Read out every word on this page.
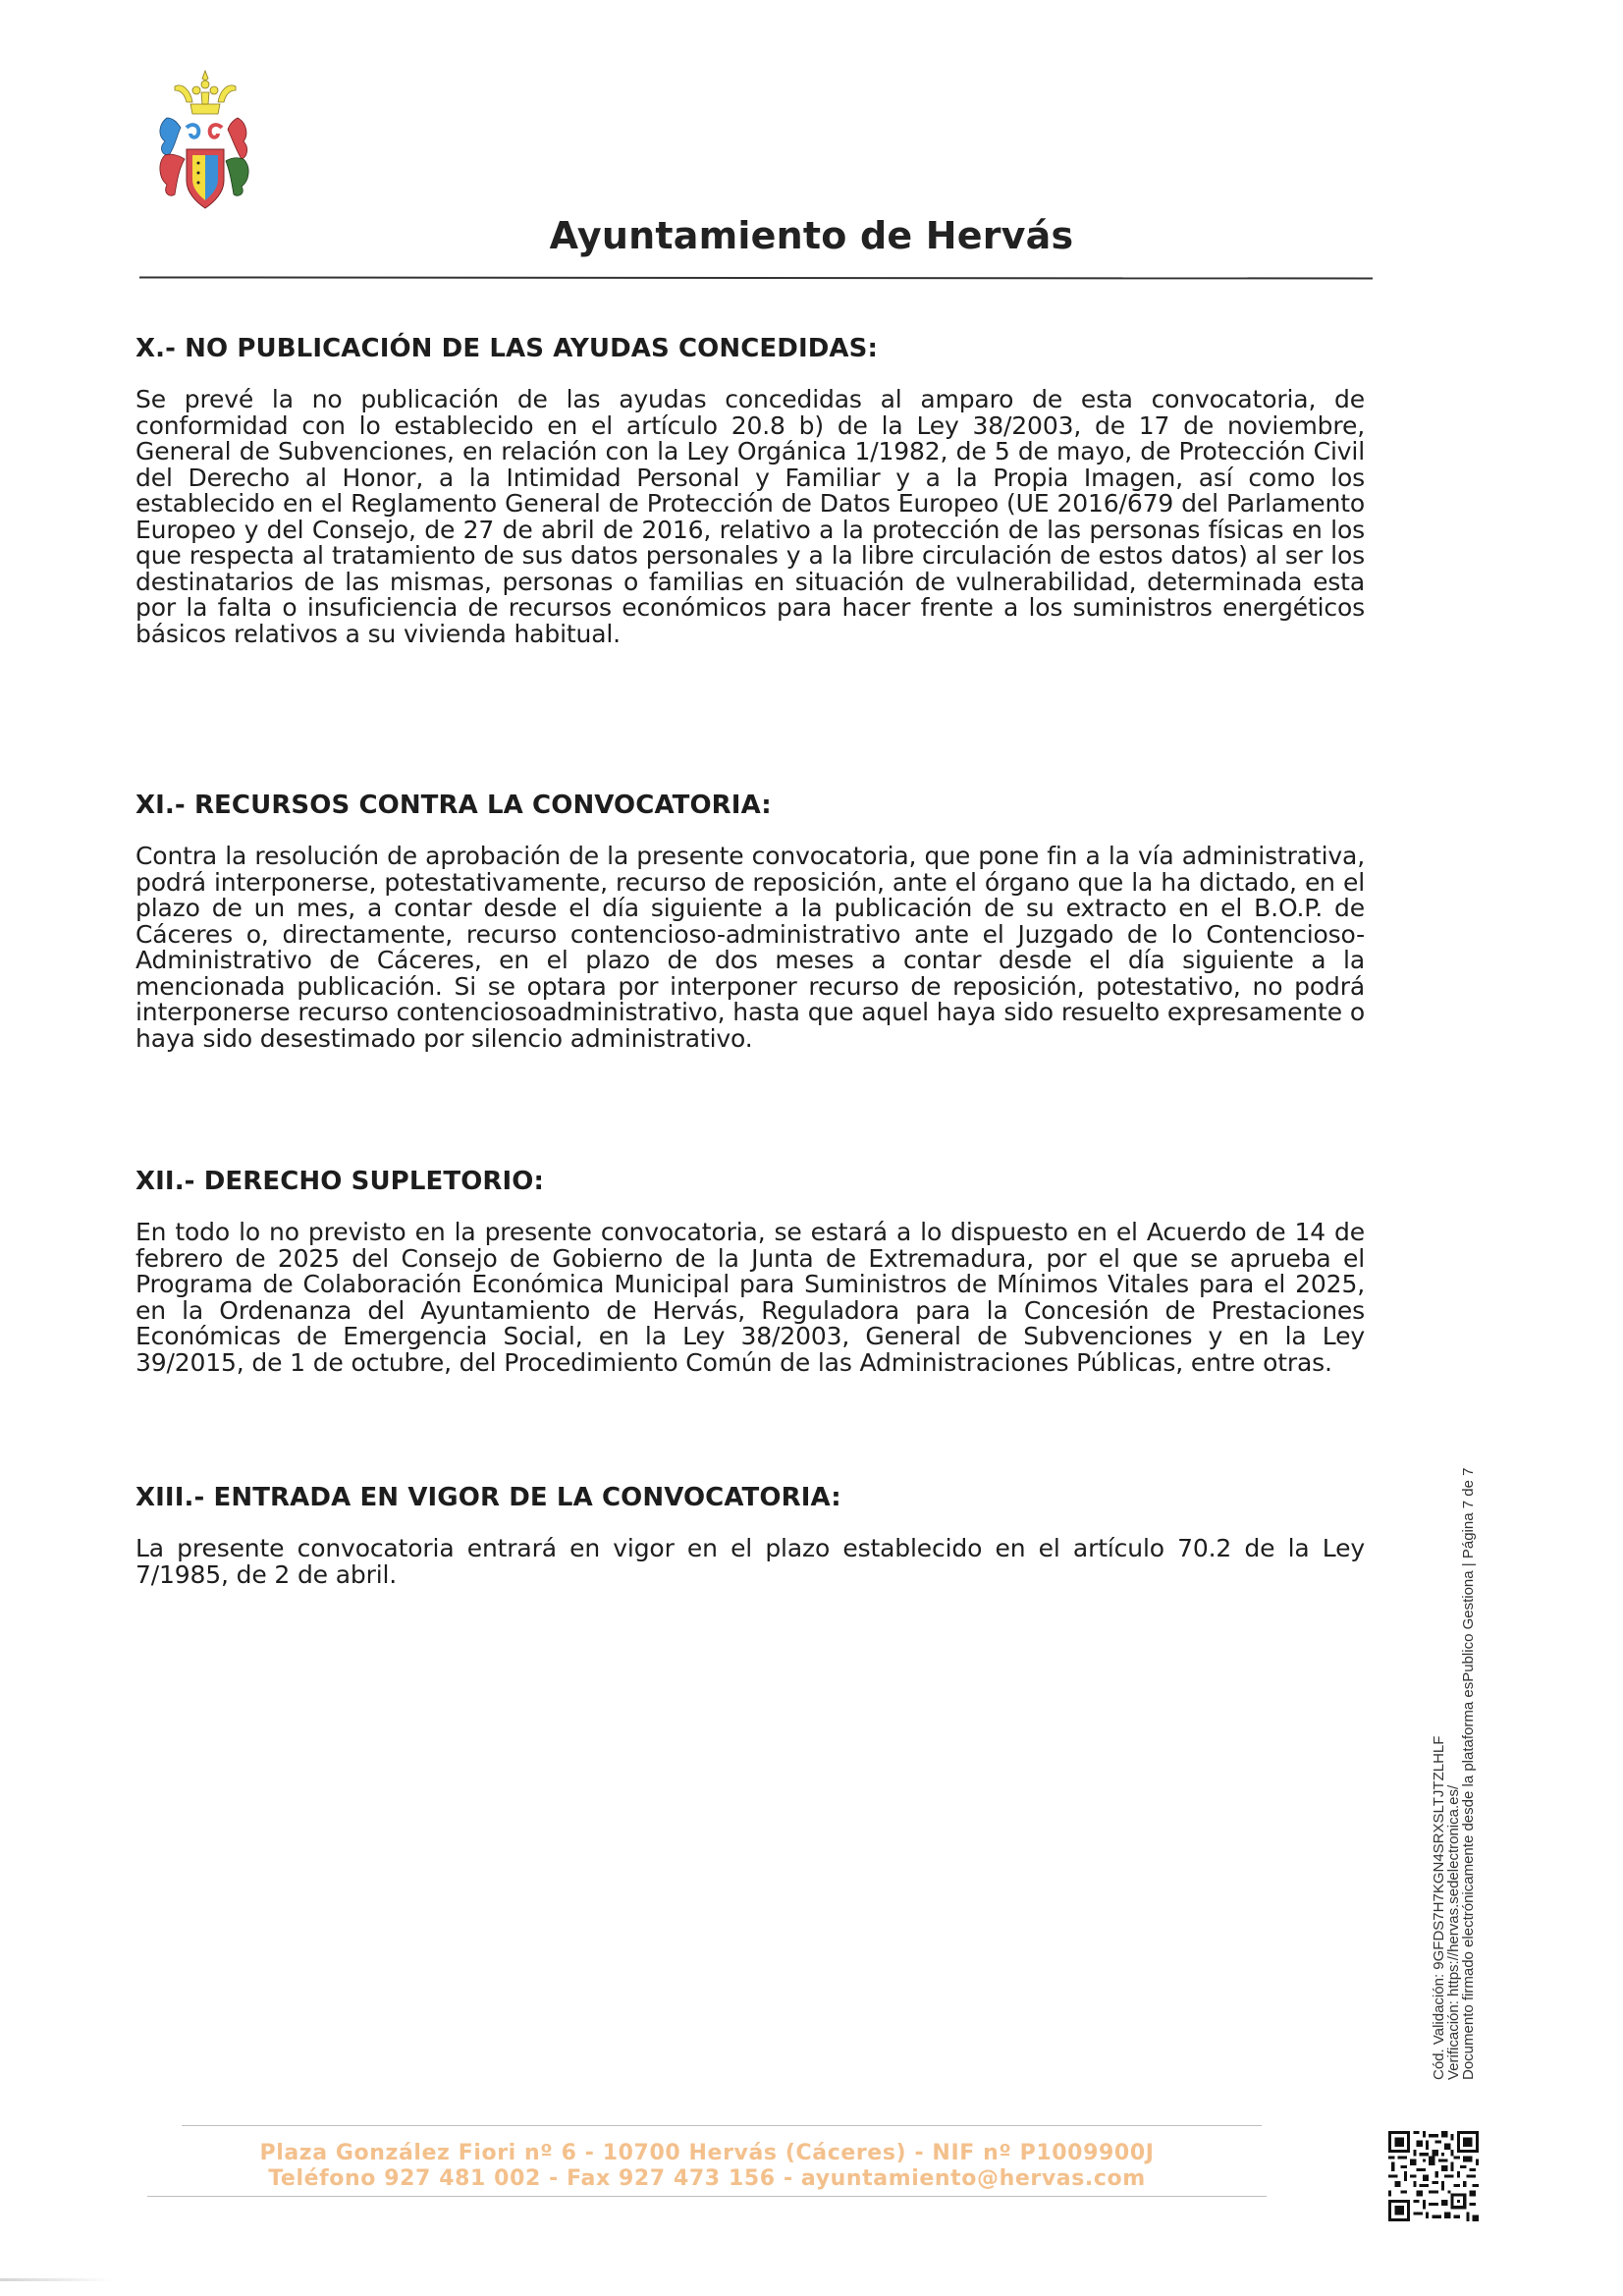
Ayuntamiento de Hervás
X.- NO PUBLICACIÓN DE LAS AYUDAS CONCEDIDAS:

Se prevé la no publicación de las ayudas concedidas al amparo de esta convocatoria, de conformidad con lo establecido en el artículo 20.8 b) de la Ley 38/2003, de 17 de noviembre, General de Subvenciones, en relación con la Ley Orgánica 1/1982, de 5 de mayo, de Protección Civil del Derecho al Honor, a la Intimidad Personal y Familiar y a la Propia Imagen, así como los establecido en el Reglamento General de Protección de Datos Europeo (UE 2016/679 del Parlamento Europeo y del Consejo, de 27 de abril de 2016, relativo a la protección de las personas físicas en los que respecta al tratamiento de sus datos personales y a la libre circulación de estos datos) al ser los destinatarios de las mismas, personas o familias en situación de vulnerabilidad, determinada esta por la falta o insuficiencia de recursos económicos para hacer frente a los suministros energéticos básicos relativos a su vivienda habitual.

XI.- RECURSOS CONTRA LA CONVOCATORIA:

Contra la resolución de aprobación de la presente convocatoria, que pone fin a la vía administrativa, podrá interponerse, potestativamente, recurso de reposición, ante el órgano que la ha dictado, en el plazo de un mes, a contar desde el día siguiente a la publicación de su extracto en el B.O.P. de Cáceres o, directamente, recurso contencioso-administrativo ante el Juzgado de lo Contencioso-Administrativo de Cáceres, en el plazo de dos meses a contar desde el día siguiente a la mencionada publicación. Si se optara por interponer recurso de reposición, potestativo, no podrá interponerse recurso contenciosoadministrativo, hasta que aquel haya sido resuelto expresamente o haya sido desestimado por silencio administrativo.

XII.- DERECHO SUPLETORIO:

En todo lo no previsto en la presente convocatoria, se estará a lo dispuesto en el Acuerdo de 14 de febrero de 2025 del Consejo de Gobierno de la Junta de Extremadura, por el que se aprueba el Programa de Colaboración Económica Municipal para Suministros de Mínimos Vitales para el 2025, en la Ordenanza del Ayuntamiento de Hervás, Reguladora para la Concesión de Prestaciones Económicas de Emergencia Social, en la Ley 38/2003, General de Subvenciones y en la Ley 39/2015, de 1 de octubre, del Procedimiento Común de las Administraciones Públicas, entre otras.

XIII.- ENTRADA EN VIGOR DE LA CONVOCATORIA:

La presente convocatoria entrará en vigor en el plazo establecido en el artículo 70.2 de la Ley 7/1985, de 2 de abril.

Cód. Validación: 9GFDS7H7KGN4SRXSLTJTZLHLF
Verificación: https://hervas.sedelectronica.es/
Documento firmado electrónicamente desde la plataforma esPublico Gestiona | Página 7 de 7
Plaza González Fiori nº 6 - 10700 Hervás (Cáceres) - NIF nº P1009900J
Teléfono 927 481 002 - Fax 927 473 156 - ayuntamiento@hervas.com
